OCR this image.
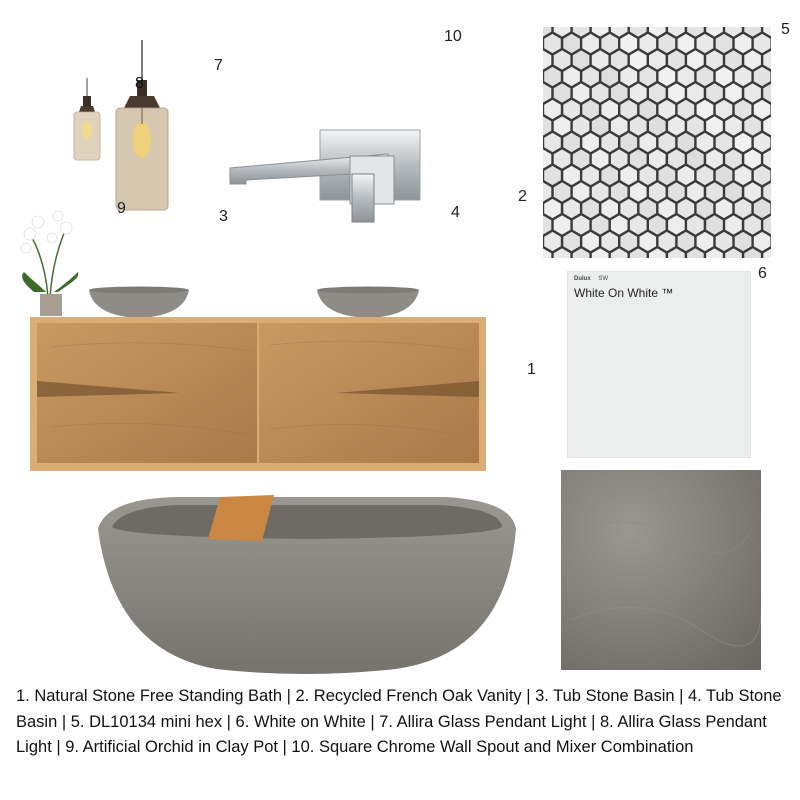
Dulux SW
White On White ™
1
2
3	4
5
6
7
8
9
10
1. Natural Stone Free Standing Bath | 2. Recycled French Oak Vanity | 3. Tub Stone Basin | 4. Tub Stone Basin | 5. DL10134 mini hex | 6. White on White | 7. Allira Glass Pendant Light | 8. Allira Glass Pendant Light | 9. Artificial Orchid in Clay Pot | 10. Square Chrome Wall Spout and Mixer Combination
